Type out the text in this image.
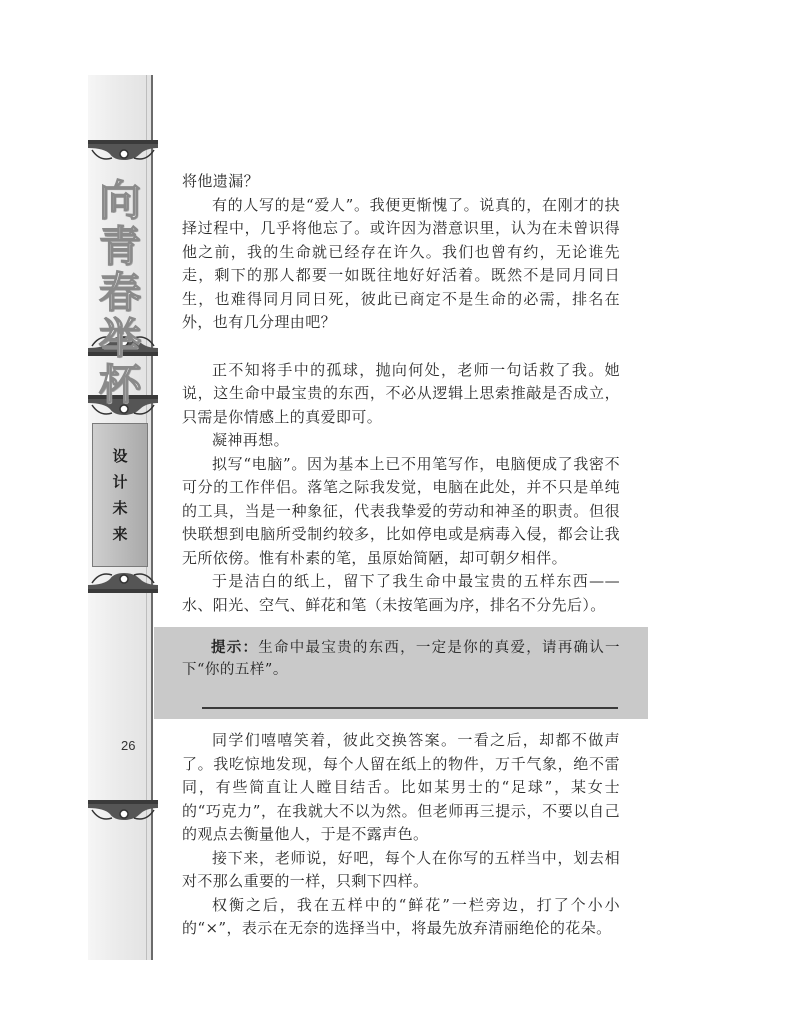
向
青
春
举
杯
设
计
未
来
26

将他遗漏？

有的人写的是“爱人”。我便更惭愧了。说真的，在刚才的抉择过程中，几乎将他忘了。或许因为潜意识里，认为在未曾识得他之前，我的生命就已经存在许久。我们也曾有约，无论谁先走，剩下的那人都要一如既往地好好活着。既然不是同月同日生，也难得同月同日死，彼此已商定不是生命的必需，排名在外，也有几分理由吧？

正不知将手中的孤球，抛向何处，老师一句话救了我。她说，这生命中最宝贵的东西，不必从逻辑上思索推敲是否成立，只需是你情感上的真爱即可。

凝神再想。

拟写“电脑”。因为基本上已不用笔写作，电脑便成了我密不可分的工作伴侣。落笔之际我发觉，电脑在此处，并不只是单纯的工具，当是一种象征，代表我挚爱的劳动和神圣的职责。但很快联想到电脑所受制约较多，比如停电或是病毒入侵，都会让我无所依傍。惟有朴素的笔，虽原始简陋，却可朝夕相伴。

于是洁白的纸上，留下了我生命中最宝贵的五样东西——水、阳光、空气、鲜花和笔（未按笔画为序，排名不分先后）。

提示：生命中最宝贵的东西，一定是你的真爱，请再确认一下“你的五样”。

同学们嘻嘻笑着，彼此交换答案。一看之后，却都不做声了。我吃惊地发现，每个人留在纸上的物件，万千气象，绝不雷同，有些简直让人瞠目结舌。比如某男士的“足球”，某女士的“巧克力”，在我就大不以为然。但老师再三提示，不要以自己的观点去衡量他人，于是不露声色。

接下来，老师说，好吧，每个人在你写的五样当中，划去相对不那么重要的一样，只剩下四样。

权衡之后，我在五样中的“鲜花”一栏旁边，打了个小小的“×”，表示在无奈的选择当中，将最先放弃清丽绝伦的花朵。
